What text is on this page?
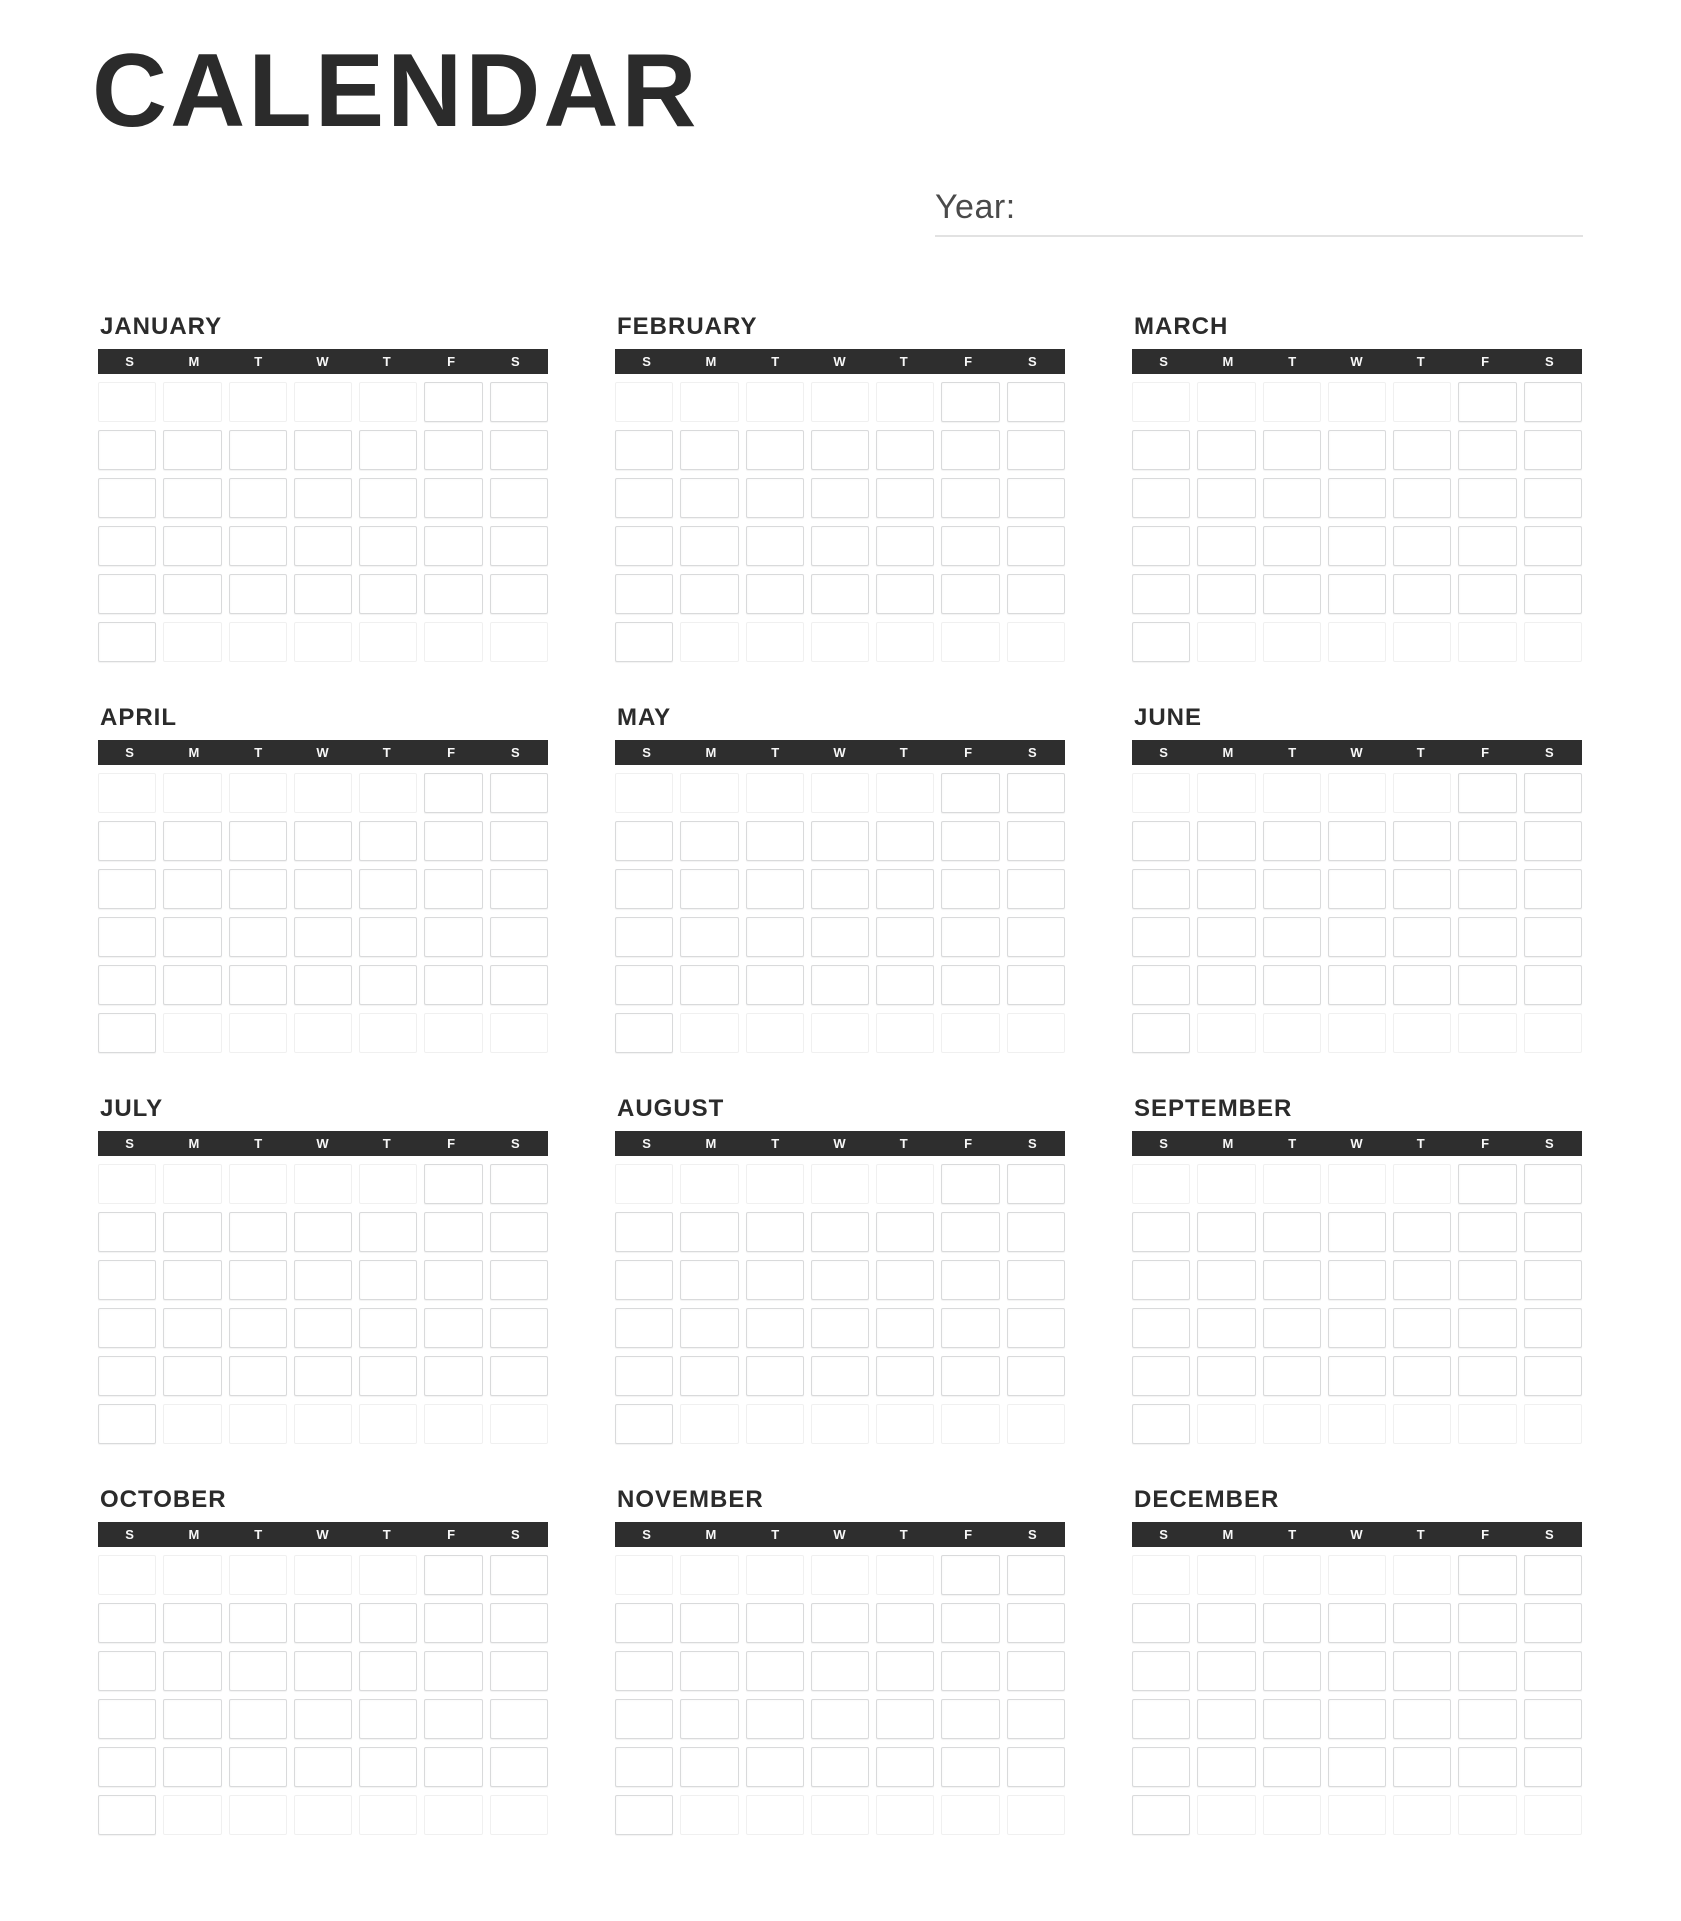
CALENDAR
Year:
JANUARY
S	M	T	W	T	F	S
FEBRUARY
S	M	T	W	T	F	S
MARCH
S	M	T	W	T	F	S
APRIL
S	M	T	W	T	F	S
MAY
S	M	T	W	T	F	S
JUNE
S	M	T	W	T	F	S
JULY
S	M	T	W	T	F	S
AUGUST
S	M	T	W	T	F	S
SEPTEMBER
S	M	T	W	T	F	S
OCTOBER
S	M	T	W	T	F	S
NOVEMBER
S	M	T	W	T	F	S
DECEMBER
S	M	T	W	T	F	S
